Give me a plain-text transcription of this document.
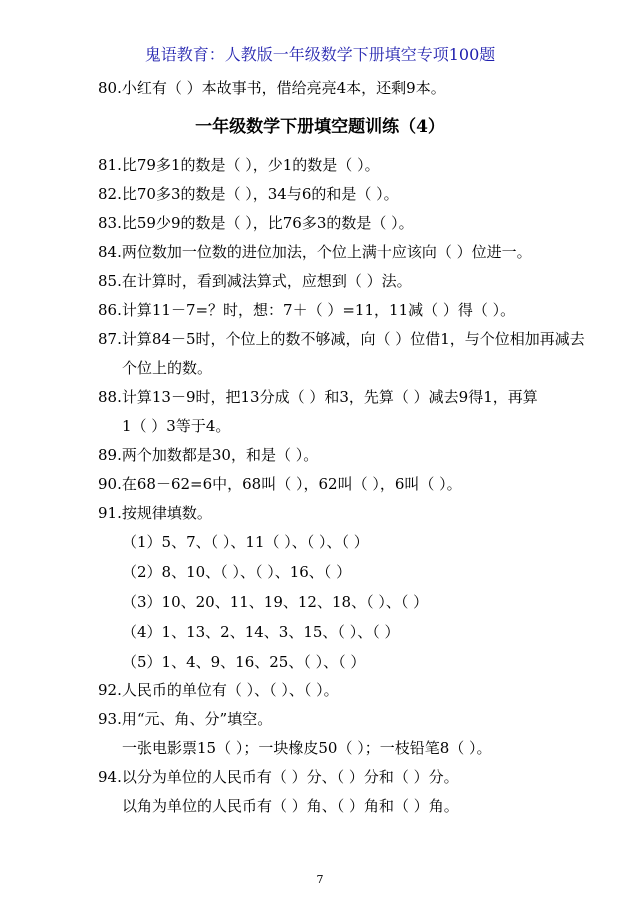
鬼语教育：人教版一年级数学下册填空专项100题
80.小红有（ ）本故事书，借给亮亮4本，还剩9本。
一年级数学下册填空题训练（4）
81.比79多1的数是（ ），少1的数是（ ）。
82.比70多3的数是（ ），34与6的和是（ ）。
83.比59少9的数是（ ），比76多3的数是（ ）。
84.两位数加一位数的进位加法，个位上满十应该向（ ）位进一。
85.在计算时，看到减法算式，应想到（ ）法。
86.计算11－7=？时，想：7＋（ ）=11，11减（ ）得（ ）。
87.计算84－5时，个位上的数不够减，向（ ）位借1，与个位相加再减去
个位上的数。
88.计算13－9时，把13分成（ ）和3，先算（ ）减去9得1，再算
1（ ）3等于4。
89.两个加数都是30，和是（ ）。
90.在68－62=6中，68叫（ ），62叫（ ），6叫（ ）。
91.按规律填数。
（1）5、7、（ ）、11（ ）、（ ）、（ ）
（2）8、10、（ ）、（ ）、16、（ ）
（3）10、20、11、19、12、18、（ ）、（ ）
（4）1、13、2、14、3、15、（ ）、（ ）
（5）1、4、9、16、25、（ ）、（ ）
92.人民币的单位有（ ）、（ ）、（ ）。
93.用“元、角、分”填空。
一张电影票15（ ）；一块橡皮50（ ）；一枝铅笔8（ ）。
94.以分为单位的人民币有（ ）分、（ ）分和（ ）分。
以角为单位的人民币有（ ）角、（ ）角和（ ）角。
7
